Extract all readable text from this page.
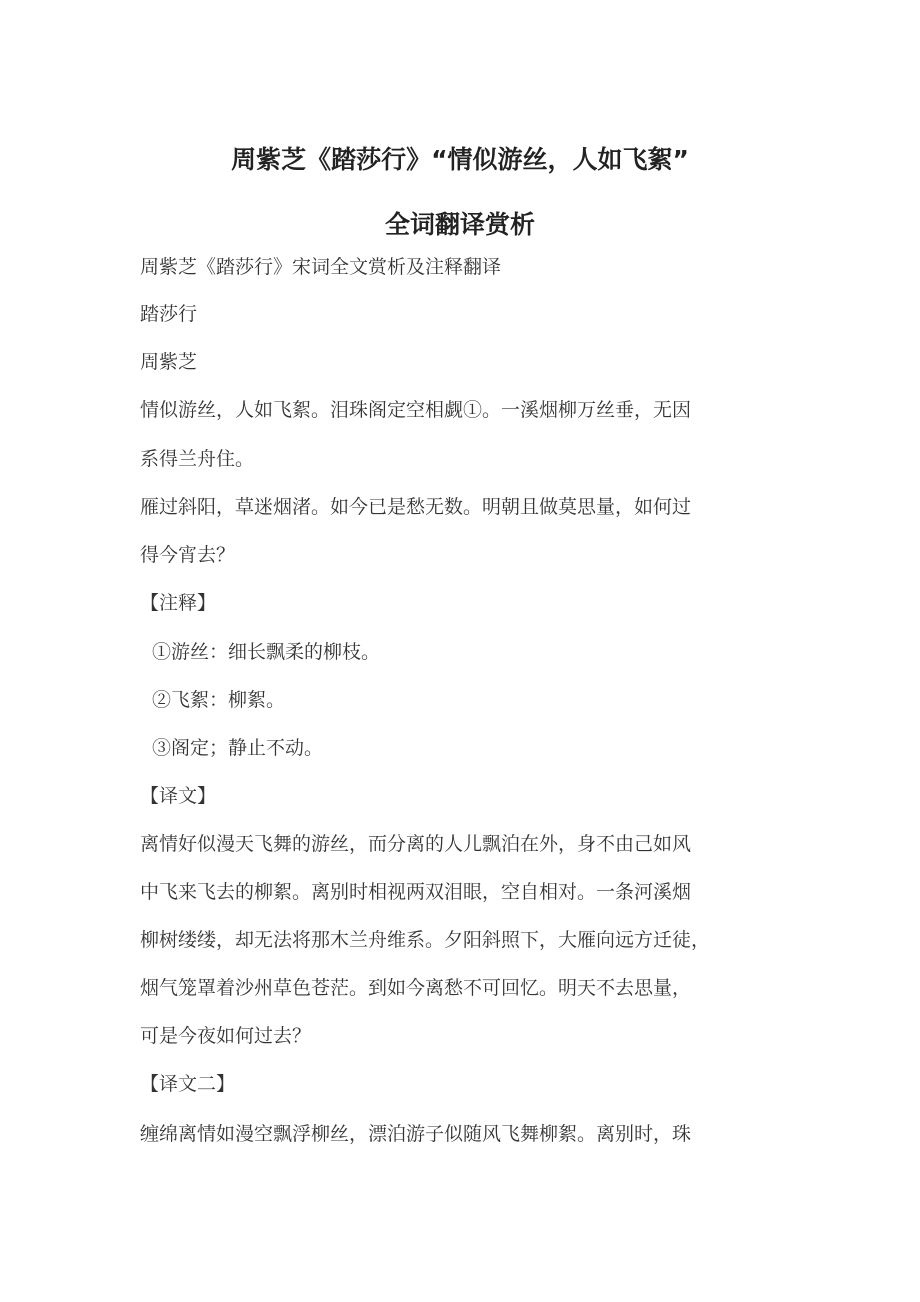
周紫芝《踏莎行》“情似游丝，人如飞絮”
全词翻译赏析
周紫芝《踏莎行》宋词全文赏析及注释翻译
踏莎行
周紫芝
情似游丝，人如飞絮。泪珠阁定空相觑①。一溪烟柳万丝垂，无因
系得兰舟住。
雁过斜阳，草迷烟渚。如今已是愁无数。明朝且做莫思量，如何过
得今宵去？
【注释】
①游丝：细长飘柔的柳枝。
②飞絮：柳絮。
③阁定；静止不动。
【译文】
离情好似漫天飞舞的游丝，而分离的人儿飘泊在外，身不由己如风
中飞来飞去的柳絮。离别时相视两双泪眼，空自相对。一条河溪烟
柳树缕缕，却无法将那木兰舟维系。夕阳斜照下，大雁向远方迁徒，
烟气笼罩着沙州草色苍茫。到如今离愁不可回忆。明天不去思量，
可是今夜如何过去？
【译文二】
缠绵离情如漫空飘浮柳丝，漂泊游子似随风飞舞柳絮。离别时，珠
